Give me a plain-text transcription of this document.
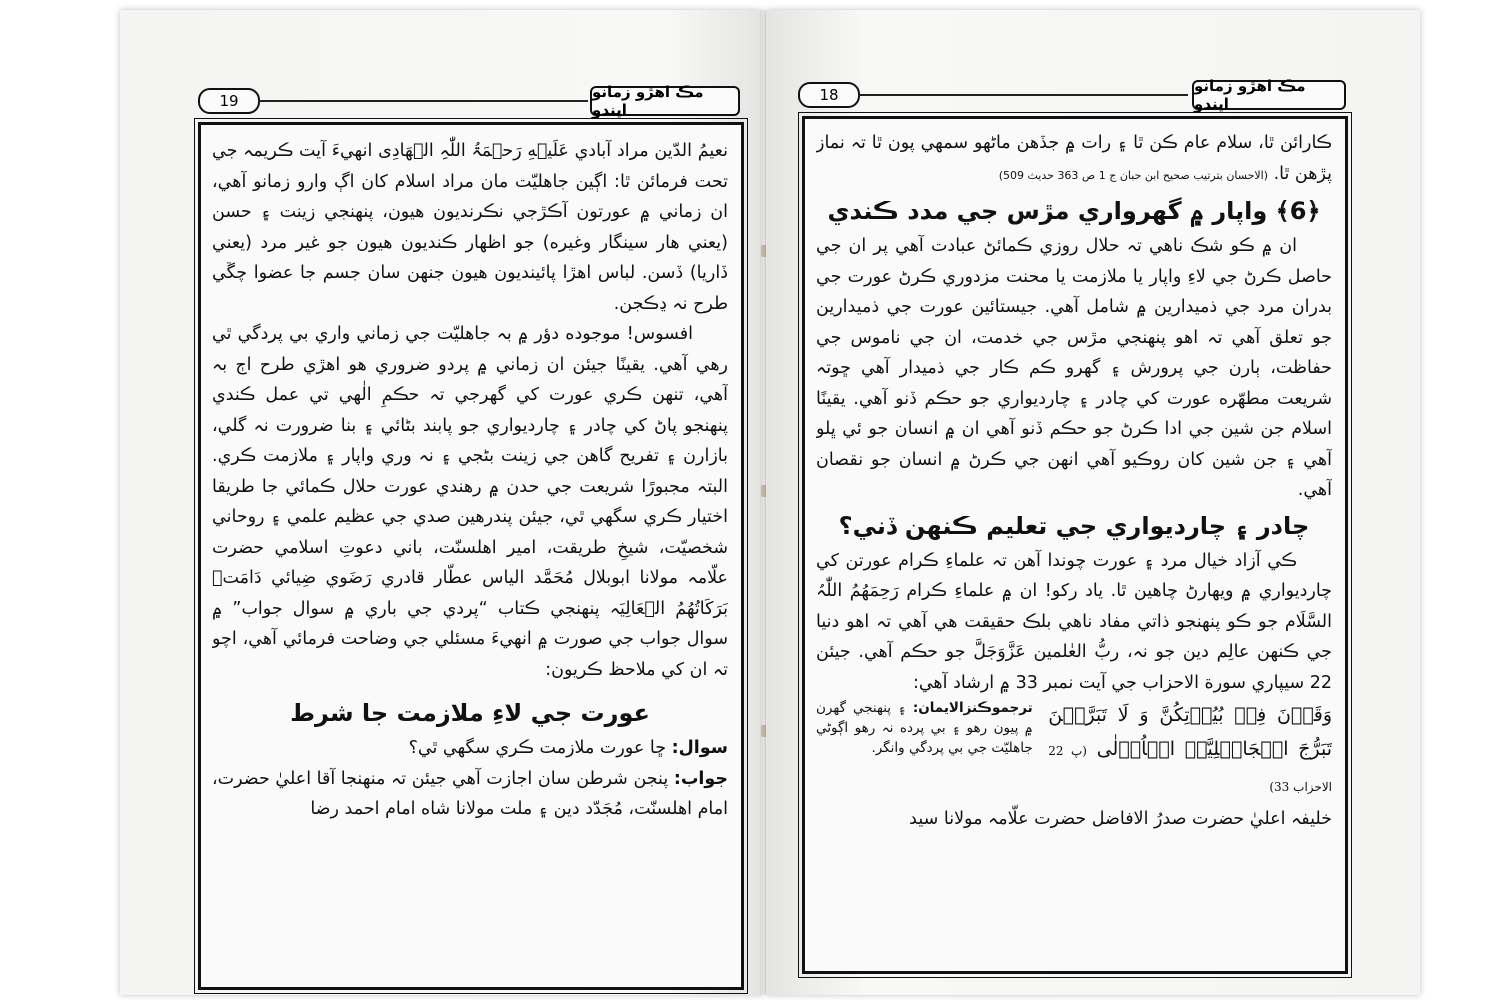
19	مڪ اهڙو زمانو ايندو

نعيمُ الدّين مراد آبادي عَلَيۡهِ رَحۡمَۃُ اللّٰہِ الۡھَادِی انهيءَ آيت ڪريمہ جي تحت فرمائن ٿا: اڳين جاهليّت مان مراد اسلام کان اڳ وارو زمانو آهي، ان زماني ۾ عورتون آڪڙجي نڪرنديون هيون، پنهنجي زينت ۽ حسن (يعني هار سينگار وغيره) جو اظهار ڪنديون هيون جو غير مرد (يعني ڏاريا) ڏسن. لباس اهڙا پائينديون هيون جنهن سان جسم جا عضوا چڱي طرح نہ ڍڪجن.

افسوس! موجوده دؤر ۾ بہ جاهليّت جي زماني واري بي پردگي ٿي رهي آهي. يقينًا جيئن ان زماني ۾ پردو ضروري هو اهڙي طرح اڄ بہ آهي، تنهن ڪري عورت کي گهرجي تہ حڪمِ الٰهي تي عمل ڪندي پنهنجو پاڻ کي چادر ۽ چارديواري جو پابند بڻائي ۽ بنا ضرورت نہ گلي، بازارن ۽ تفريح گاهن جي زينت بڻجي ۽ نہ وري واپار ۽ ملازمت ڪري. البتہ مجبورًا شريعت جي حدن ۾ رهندي عورت حلال ڪمائي جا طريقا اختيار ڪري سگهي ٿي، جيئن پندرهين صدي جي عظيم علمي ۽ روحاني شخصيّت، شيخِ طريقت، امير اهلسنّت، باني دعوتِ اسلامي حضرت علّامہ مولانا ابوبلال مُحَمَّد الياس عطّار قادري رَضَوي ضِيائي دَامَتۡ بَرَکَاتُھُمُ الۡعَالِیَہ پنهنجي ڪتاب “پردي جي باري ۾ سوال جواب” ۾ سوال جواب جي صورت ۾ انهيءَ مسئلي جي وضاحت فرمائي آهي، اچو تہ ان کي ملاحظ ڪريون:

عورت جي لاءِ ملازمت جا شرط

سوال: ڇا عورت ملازمت ڪري سگهي ٿي؟

جواب: پنجن شرطن سان اجازت آهي جيئن تہ منهنجا آقا اعليٰ حضرت، امام اهلسنّت، مُجَدّد دين ۽ ملت مولانا شاه امام احمد رضا

18	مڪ اهڙو زمانو ايندو

ڪارائن ٿا، سلام عام ڪن ٿا ۽ رات ۾ جڏهن ماڻهو سمهي پون ٿا تہ نماز پڙهن ٿا. (الاحسان بترتيب صحيح ابن حبان ج 1 ص 363 حديث 509)

﴿6﴾ واپار ۾ گهرواري مڙس جي مدد ڪندي

ان ۾ ڪو شڪ ناهي تہ حلال روزي ڪمائڻ عبادت آهي پر ان جي حاصل ڪرڻ جي لاءِ واپار يا ملازمت يا محنت مزدوري ڪرڻ عورت جي بدران مرد جي ذميدارين ۾ شامل آهي. جيستائين عورت جي ذميدارين جو تعلق آهي تہ اهو پنهنجي مڙس جي خدمت، ان جي ناموس جي حفاظت، ٻارن جي پرورش ۽ گهرو ڪم ڪار جي ذميدار آهي ڇوتہ شريعت مطهّره عورت کي چادر ۽ چارديواري جو حڪم ڏنو آهي. يقينًا اسلام جن شين جي ادا ڪرڻ جو حڪم ڏنو آهي ان ۾ انسان جو ئي ڀلو آهي ۽ جن شين کان روڪيو آهي انهن جي ڪرڻ ۾ انسان جو نقصان آهي.

چادر ۽ چارديواري جي تعليم ڪنهن ڏني؟

ڪي آزاد خيال مرد ۽ عورت چوندا آهن تہ علماءِ ڪرام عورتن کي چارديواري ۾ ويهارڻ چاهين ٿا. ياد رکو! ان ۾ علماءِ ڪرام رَحِمَھُمُ اللّٰہُ السَّلَام جو ڪو پنهنجو ذاتي مفاد ناهي بلڪ حقيقت هي آهي تہ اهو دنيا جي ڪنهن عالِم دين جو نہ، ربُّ العٰلمين عَزَّوَجَلَّ جو حڪم آهي. جيئن 22 سيپاري سورة الاحزاب جي آيت نمبر 33 ۾ ارشاد آهي:

وَقَرۡنَ فِیۡ بُیُوۡتِکُنَّ وَ لَا تَبَرَّجۡنَ تَبَرُّجَ الۡجَاہِلِیَّۃِ الۡاُوۡلٰی (پ 22 الاحزاب 33)
ترجموڪنزالايمان: ۽ پنهنجي گهرن ۾ پيون رهو ۽ بي پرده نہ رهو اڳوڻي جاهليّت جي بي پردگي وانگر.

خليفہ اعليٰ حضرت صدرُ الافاضل حضرت علّامہ مولانا سيد
